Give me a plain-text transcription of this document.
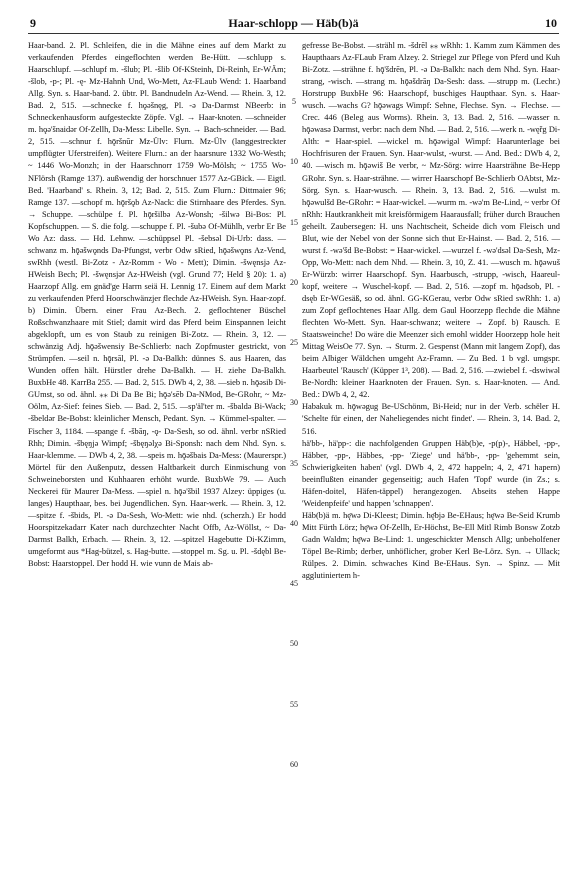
9	Haar-schlopp — Häb(b)ä	10

Haar-band. 2. Pl. Schleifen, die in die Mähne eines auf dem Markt zu verkaufenden Pferdes eingeflochten werden Be-Hütt. —schlupp s. Haarschlupf. —schlupf m. -šlub; Pl. -šlib Of-KSteinh, Di-Reinh, Er-WÄm; -šlob, -p-; Pl. -ę- Mz-Hahnh Und, Wo-Mett, Az-FLaub Wend: 1. Haarband Allg. Syn. s. Haar-band. 2. übtr. Pl. Bandnudeln Az-Wend. — Rhein. 3, 12. Bad. 2, 515. —schnecke f. hǫǝšnęg, Pl. -ǝ Da-Darmst NBeerb: in Schneckenhausform aufgesteckte Zöpfe. Vgl. → Haar-knoten. —schneider m. hǫǝ'šnaidǝr Of-Zellh, Da-Mess: Libelle. Syn. → Bach-schneider. — Bad. 2, 515. —schnur f. hǭršnūr Mz-Ülv: Flurn. Mz-Ülv (langgestreckter umpflügter Uferstreifen). Weitere Flurn.: an der haarsnure 1332 Wo-Westh; ~ 1446 Wo-Monzh; in der Haarschnorr 1759 Wo-Mölsh; ~ 1755 Wo-NFlörsh (Ramge 137). außwendig der horschnuer 1577 Az-GBick. — Eigtl. Bed. 'Haarband' s. Rhein. 3, 12; Bad. 2, 515. Zum Flurn.: Dittmaier 96; Ramge 137. —schopf m. hǭršǫb Az-Nack: die Stirnhaare des Pferdes. Syn. → Schuppe. —schülpe f. Pl. hǭršilbǝ Az-Wonsh; -šilwǝ Bi-Bos: Pl. Kopfschuppen. — S. die folg. —schuppe f. Pl. -šubǝ Of-Mühlh, verbr Er Be Wo Az: dass. — Hd. Lehnw. —schüppsel Pl. -šebsǝl Di-Urb: dass. —schwanz m. hǭǝšwǫnds Da-Pfungst, verbr Odw sRied, hǭǝšwǫns Az-Vend, swRhh (westl. Bi-Zotz - Az-Romm - Wo - Mett); Dimin. -šwęnsjǝ Az-HWeish Bech; Pl. -šwęnsjǝr Az-HWeish (vgl. Grund 77; Held § 20): 1. a) Haarzopf Allg. em gnäd'ge Harrn seiä H. Lennig 17. Einem auf dem Markt zu verkaufenden Pferd Hoorschwänzjer flechde Az-HWeish. Syn. Haar-zopf. b) Dimin. Übern. einer Frau Az-Bech. 2. geflochtener Büschel Roßschwanzhaare mit Stiel; damit wird das Pferd beim Einspannen leicht abgeklopft, um es von Staub zu reinigen Bi-Zotz. — Rhein. 3, 12. —schwänzig Adj. hǭǝšwensiy Be-Schlierb: nach Zopfmuster gestrickt, von Strümpfen. —seil n. hǭrsāl, Pl. -ǝ Da-Balkh: dünnes S. aus Haaren, das Wunden offen hält. Hürstler drehe Da-Balkh. — H. ziehe Da-Balkh. BuxbHe 48. KarrBa 255. — Bad. 2, 515. DWb 4, 2, 38. —sieb n. hǭǝsib Di-GUmst, so od. ähnl. ⁎⁎ Di Da Be Bi; hǭǝ'sēb Da-NMod, Be-GRohr, ~ Mz-Oölm, Az-Sief: feines Sieb. — Bad. 2, 515. —sp'äl'ter m. -šbaldǝ Bi-Wack; -šbeldǝr Be-Bobst: kleinlicher Mensch, Pedant. Syn. → Kümmel-spalter. — Fischer 3, 1184. —spange f. -šbāŋ, -ǫ- Da-Sesh, so od. ähnl. verbr nSRied Rhh; Dimin. -šbęŋjǝ Wimpf; -šbęŋǝlχǝ Bi-Sponsh: nach dem Nhd. Syn. s. Haar-klemme. — DWb 4, 2, 38. —speis m. hǭǝšbais Da-Mess: (Maurerspr.) Mörtel für den Außenputz, dessen Haltbarkeit durch Einmischung von Schweineborsten und Kuhhaaren erhöht wurde. BuxbWe 79. — Auch Neckerei für Maurer Da-Mess. —spiel n. hǭǝ'šbil 1937 Alzey: üppiges (u. langes) Haupthaar, bes. bei Jugendlichen. Syn. Haar-werk. — Rhein. 3, 12. —spitze f. -šbids, Pl. -ǝ Da-Sesh, Wo-Mett: wie nhd. (scherzh.) Er hodd Hoorspitzekadarr Kater nach durchzechter Nacht Offb, Az-Wöllst, ~ Da-Darmst Balkh, Erbach. — Rhein. 3, 12. —spitzel Hagebutte Di-KZimm, umgeformt aus *Hag-bützel, s. Hag-butte. —stoppel m. Sg. u. Pl. -šdębl Be-Bobst: Haarstoppel. Der hodd H. wie vunn de Mais ab-

gefresse Be-Bobst. —strähl m. -šdrēl ⁎⁎ wRhh: 1. Kamm zum Kämmen des Haupthaars Az-FLaub Fram Alzey. 2. Striegel zur Pflege von Pferd und Kuh Bi-Zotz. —strähne f. hǭ'šdrēn, Pl. -ǝ Da-Balkh: nach dem Nhd. Syn. Haar-strang, -wisch. —strang m. hǭǝšdrāŋ Da-Sesh: dass. —strupp m. (Lechr.) Horstrupp BuxbHe 96: Haarschopf, buschiges Haupthaar. Syn. s. Haar-wusch. —wachs G? hǭǝwags Wimpf: Sehne, Flechse. Syn. → Flechse. — Crec. 446 (Beleg aus Worms). Rhein. 3, 13. Bad. 2, 516. —wasser n. hǭǝwasǝ Darmst, verbr: nach dem Nhd. — Bad. 2, 516. —werk n. -węřg Di-Alth: = Haar-spiel. —wickel m. hǭǝwigǝl Wimpf: Haarunterlage bei Hochfrisuren der Frauen. Syn. Haar-wulst, -wurst. — And. Bed.: DWb 4, 2, 40. —wisch m. hǭǝwiš Be verbr, ~ Mz-Sörg: wirre Haarsträhne Be-Hepp GRohr. Syn. s. Haar-strähne. — wirrer Haarschopf Be-Schlierb OAbtst, Mz-Sörg. Syn. s. Haar-wusch. — Rhein. 3, 13. Bad. 2, 516. —wulst m. hǭǝwulšd Be-GRohr: = Haar-wickel. —wurm m. -wǝ'm Be-Lind, ~ verbr Of nRhh: Hautkrankheit mit kreisförmigem Haarausfall; früher durch Brauchen geheilt. Zaubersegen: H. uns Nachtscheit, Scheide dich vom Fleisch und Blut, wie der Nebel von der Sonne sich thut Er-Hainst. — Bad. 2, 516. —wurst f. -wǝ'šd Be-Bobst: = Haar-wickel. —wurzel f. -wǝ'dsǝl Da-Sesh, Mz-Opp, Wo-Mett: nach dem Nhd. — Rhein. 3, 10, Z. 41. —wusch m. hǭǝwuš Er-Würzb: wirrer Haarschopf. Syn. Haarbusch, -strupp, -wisch, Haareul-kopf, weitere → Wuschel-kopf. — Bad. 2, 516. —zopf m. hǭǝdsob, Pl. -dsęb Er-WGesäß, so od. ähnl. GG-KGerau, verbr Odw sRied swRhh: 1. a) zum Zopf geflochtenes Haar Allg. dem Gaul Hoorzepp flechde die Mähne flechten Wo-Mett. Syn. Haar-schwanz; weitere → Zopf. b) Rausch. E Staatsweinche! Do wäre die Meenzer sich emohl widder Hoorzepp hole heit Mittag WeisOe 77. Syn. → Sturm. 2. Gespenst (Mann mit langem Zopf), das beim Albiger Wäldchen umgeht Az-Framn. — Zu Bed. 1 b vgl. umgspr. Haarbeutel 'Rausch' (Küpper 1³, 208). — Bad. 2, 516. —zwiebel f. -dswiwǝl Be-Nordh: kleiner Haarknoten der Frauen. Syn. s. Haar-knoten. — And. Bed.: DWb 4, 2, 42.

Habakuk m. hǭwǝgug Be-USchönm, Bi-Heid; nur in der Verb. schëler H. 'Schelte für einen, der Naheliegendes nicht findet'. — Rhein. 3, 14. Bad. 2, 516.

hä'bb-, hä'pp-: die nachfolgenden Gruppen Häb(b)e, -p(p)-, Häbbel, -pp-, Häbber, -pp-, Häbbes, -pp- 'Ziege' und hä'bb-, -pp- 'gehemmt sein, Schwierigkeiten haben' (vgl. DWb 4, 2, 472 happeln; 4, 2, 471 hapern) beeinflußten einander gegenseitig; auch Hafen 'Topf' wurde (in Zs.; s. Häfen-doitel, Häfen-täppel) herangezogen. Abseits stehen Happe 'Weidenpfeife' und happen 'schnappen'.

Häb(b)ä m. hę̄wǝ Di-Kleest; Dimin. hę̄bjǝ Be-EHaus; hę̄wǝ Be-Seid Krumb Mitt Fürth Lörz; hę̄wǝ Of-Zellh, Er-Höchst, Be-Ell Mitl Rimb Bonsw Zotzb Gadn Waldm; hę̄wǝ Be-Lind: 1. ungeschickter Mensch Allg; unbeholfener Töpel Be-Rimb; derber, unhöflicher, grober Kerl Be-Lörz. Syn. → Ullack; Rülpes. 2. Dimin. schwaches Kind Be-EHaus. Syn. → Spinz. — Mit agglutiniertem h-

5
10
15
20
25
30
35
40
45
50
55
60
